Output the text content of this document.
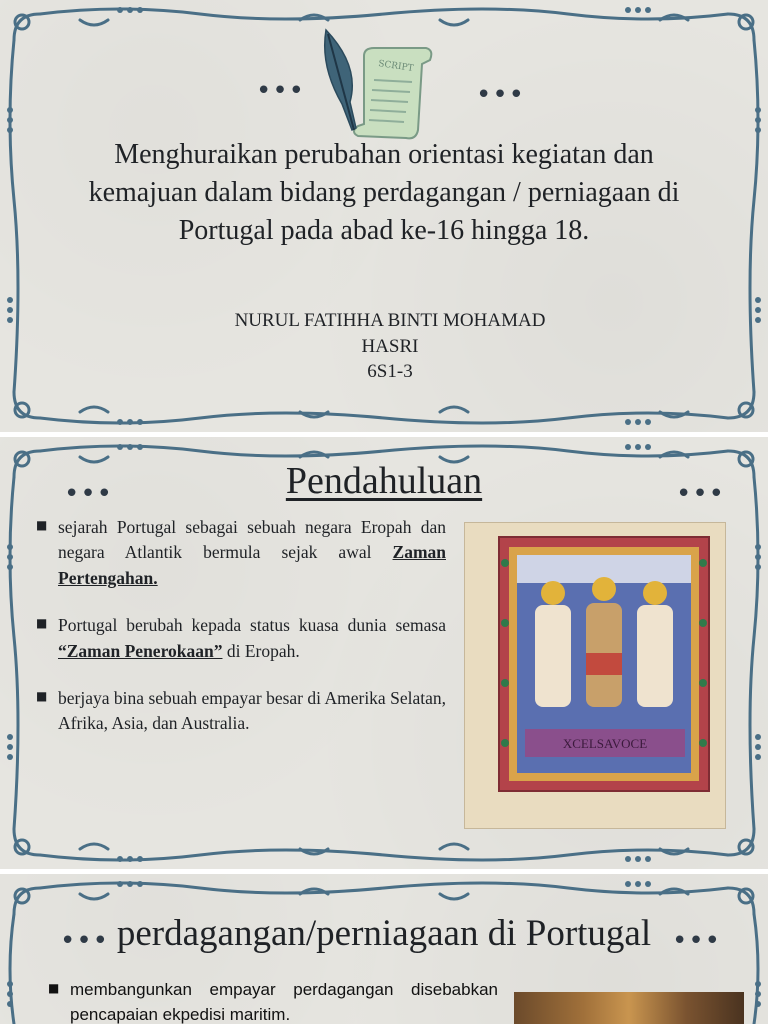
•••	•••
SCRIPT
Menghuraikan perubahan orientasi kegiatan dan kemajuan dalam bidang perdagangan / perniagaan di Portugal pada abad ke-16 hingga 18.
NURUL FATIHHA BINTI MOHAMAD
HASRI
6S1-3
•••	•••
Pendahuluan
■ sejarah Portugal sebagai sebuah negara Eropah dan negara Atlantik bermula sejak awal Zaman Pertengahan.
■ Portugal berubah kepada status kuasa dunia semasa “Zaman Penerokaan” di Eropah.
■ berjaya bina sebuah empayar besar di Amerika Selatan, Afrika, Asia, dan Australia.
XCELSAVOCE
•••	•••
perdagangan/perniagaan di Portugal
■ membangunkan empayar perdagangan disebabkan pencapaian ekpedisi maritim.
